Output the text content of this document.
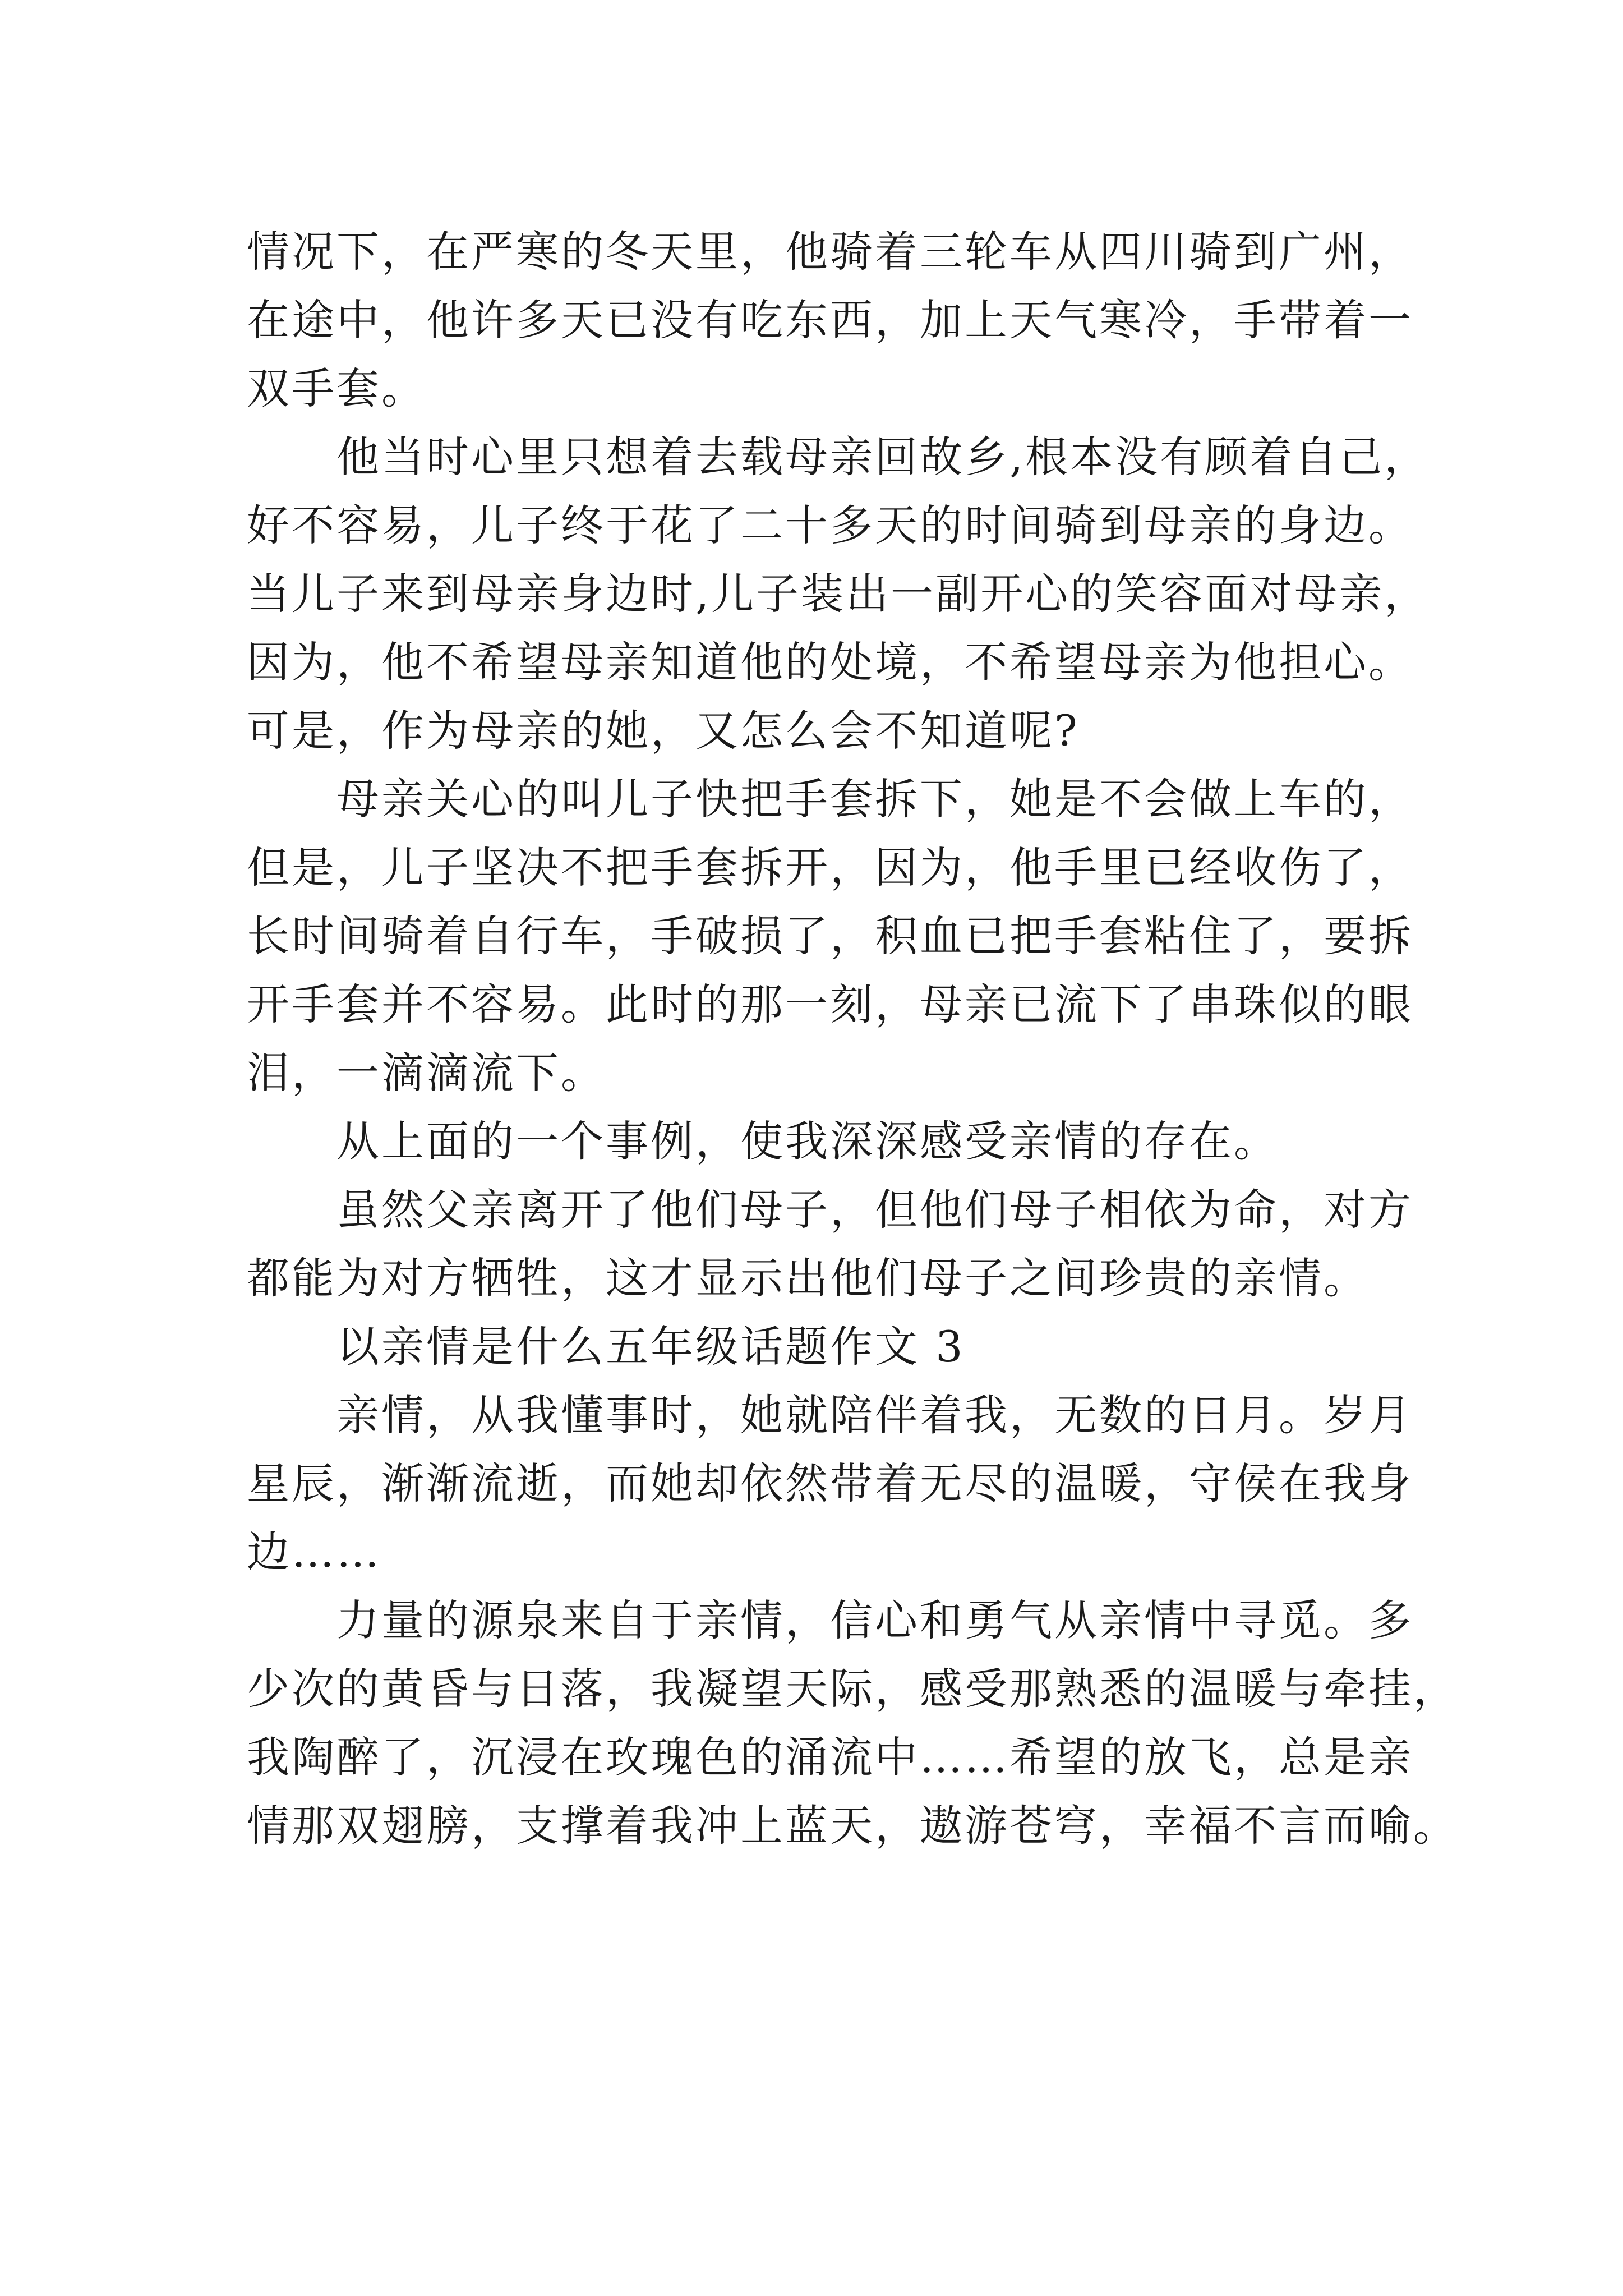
情况下，在严寒的冬天里，他骑着三轮车从四川骑到广州，
在途中，他许多天已没有吃东西，加上天气寒冷，手带着一
双手套。
他当时心里只想着去载母亲回故乡,根本没有顾着自己，
好不容易，儿子终于花了二十多天的时间骑到母亲的身边。
当儿子来到母亲身边时,儿子装出一副开心的笑容面对母亲，
因为，他不希望母亲知道他的处境，不希望母亲为他担心。
可是，作为母亲的她，又怎么会不知道呢?
母亲关心的叫儿子快把手套拆下，她是不会做上车的，
但是，儿子坚决不把手套拆开，因为，他手里已经收伤了，
长时间骑着自行车，手破损了，积血已把手套粘住了，要拆
开手套并不容易。此时的那一刻，母亲已流下了串珠似的眼
泪，一滴滴流下。
从上面的一个事例，使我深深感受亲情的存在。
虽然父亲离开了他们母子，但他们母子相依为命，对方
都能为对方牺牲，这才显示出他们母子之间珍贵的亲情。
以亲情是什么五年级话题作文 3
亲情，从我懂事时，她就陪伴着我，无数的日月。岁月
星辰，渐渐流逝，而她却依然带着无尽的温暖，守侯在我身
边……
力量的源泉来自于亲情，信心和勇气从亲情中寻觅。多
少次的黄昏与日落，我凝望天际，感受那熟悉的温暖与牵挂，
我陶醉了，沉浸在玫瑰色的涌流中……希望的放飞，总是亲
情那双翅膀，支撑着我冲上蓝天，遨游苍穹，幸福不言而喻。
